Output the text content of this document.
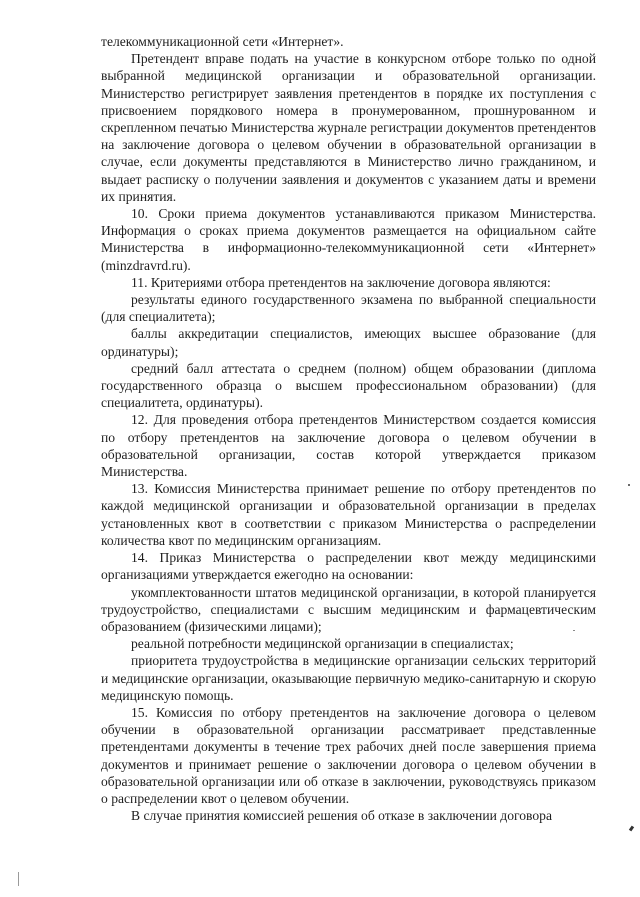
телекоммуникационной сети «Интернет».

Претендент вправе подать на участие в конкурсном отборе только по одной выбранной медицинской организации и образовательной организации. Министерство регистрирует заявления претендентов в порядке их поступления с присвоением порядкового номера в пронумерованном, прошнурованном и скрепленном печатью Министерства журнале регистрации документов претендентов на заключение договора о целевом обучении в образовательной организации в случае, если документы представляются в Министерство лично гражданином, и выдает расписку о получении заявления и документов с указанием даты и времени их принятия.

10. Сроки приема документов устанавливаются приказом Министерства. Информация о сроках приема документов размещается на официальном сайте Министерства в информационно-телекоммуникационной сети «Интернет» (minzdravrd.ru).

11. Критериями отбора претендентов на заключение договора являются:

результаты единого государственного экзамена по выбранной специальности (для специалитета);

баллы аккредитации специалистов, имеющих высшее образование (для ординатуры);

средний балл аттестата о среднем (полном) общем образовании (диплома государственного образца о высшем профессиональном образовании) (для специалитета, ординатуры).

12. Для проведения отбора претендентов Министерством создается комиссия по отбору претендентов на заключение договора о целевом обучении в образовательной организации, состав которой утверждается приказом Министерства.

13. Комиссия Министерства принимает решение по отбору претендентов по каждой медицинской организации и образовательной организации в пределах установленных квот в соответствии с приказом Министерства о распределении количества квот по медицинским организациям.

14. Приказ Министерства о распределении квот между медицинскими организациями утверждается ежегодно на основании:

укомплектованности штатов медицинской организации, в которой планируется трудоустройство, специалистами с высшим медицинским и фармацевтическим образованием (физическими лицами);

реальной потребности медицинской организации в специалистах;

приоритета трудоустройства в медицинские организации сельских территорий и медицинские организации, оказывающие первичную медико-санитарную и скорую медицинскую помощь.

15. Комиссия по отбору претендентов на заключение договора о целевом обучении в образовательной организации рассматривает представленные претендентами документы в течение трех рабочих дней после завершения приема документов и принимает решение о заключении договора о целевом обучении в образовательной организации или об отказе в заключении, руководствуясь приказом о распределении квот о целевом обучении.

В случае принятия комиссией решения об отказе в заключении договора
